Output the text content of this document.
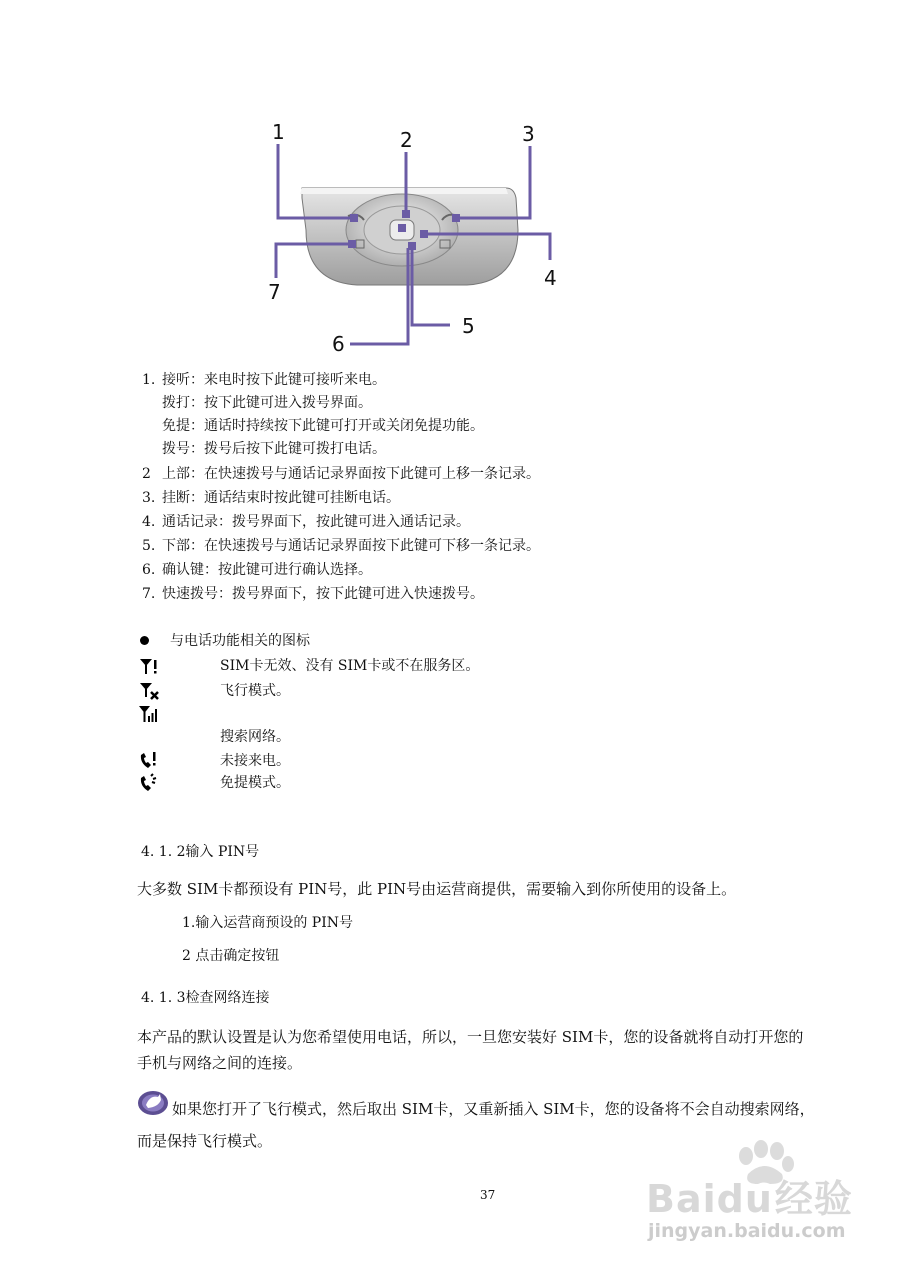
1	2	3
4
5
6
7
1. 接听：来电时按下此键可接听来电。
拨打：按下此键可进入拨号界面。
免提：通话时持续按下此键可打开或关闭免提功能。
拨号：拨号后按下此键可拨打电话。
2 上部：在快速拨号与通话记录界面按下此键可上移一条记录。
3. 挂断：通话结束时按此键可挂断电话。
4. 通话记录：拨号界面下，按此键可进入通话记录。
5. 下部：在快速拨号与通话记录界面按下此键可下移一条记录。
6. 确认键：按此键可进行确认选择。
7. 快速拨号：拨号界面下，按下此键可进入快速拨号。
与电话功能相关的图标
SIM卡无效、没有 SIM卡或不在服务区。
飞行模式。
搜索网络。
未接来电。
免提模式。
4. 1. 2输入 PIN号
大多数 SIM卡都预设有 PIN号，此 PIN号由运营商提供，需要输入到你所使用的设备上。
1.输入运营商预设的 PIN号
2 点击确定按钮
4. 1. 3检查网络连接
本产品的默认设置是认为您希望使用电话，所以，一旦您安装好 SIM卡，您的设备就将自动打开您的
手机与网络之间的连接。
如果您打开了飞行模式，然后取出 SIM卡，又重新插入 SIM卡，您的设备将不会自动搜索网络，
而是保持飞行模式。
37	Baidu经验
jingyan.baidu.com
